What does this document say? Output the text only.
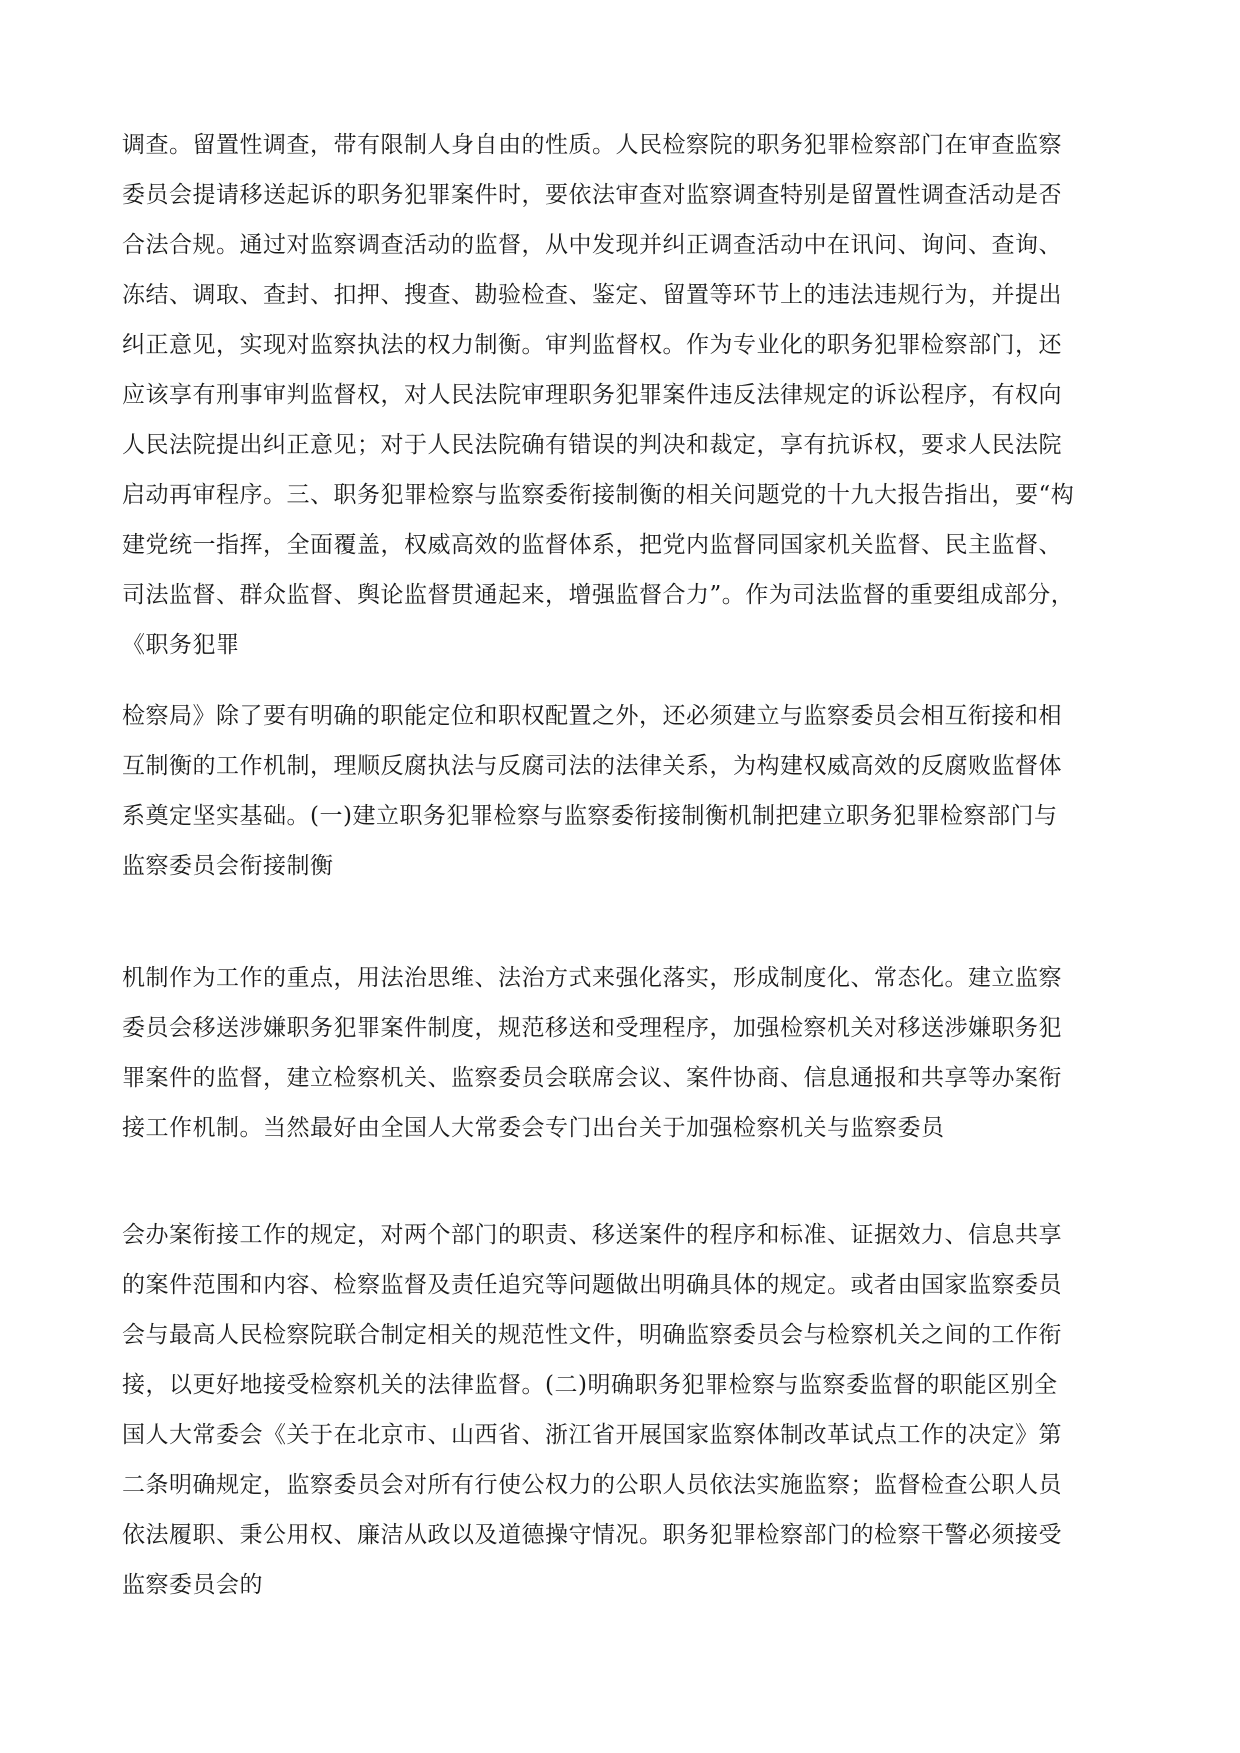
调查。留置性调查，带有限制人身自由的性质。人民检察院的职务犯罪检察部门在审查监察
委员会提请移送起诉的职务犯罪案件时，要依法审查对监察调查特别是留置性调查活动是否
合法合规。通过对监察调查活动的监督，从中发现并纠正调查活动中在讯问、询问、查询、
冻结、调取、查封、扣押、搜查、勘验检查、鉴定、留置等环节上的违法违规行为，并提出
纠正意见，实现对监察执法的权力制衡。审判监督权。作为专业化的职务犯罪检察部门，还
应该享有刑事审判监督权，对人民法院审理职务犯罪案件违反法律规定的诉讼程序，有权向
人民法院提出纠正意见；对于人民法院确有错误的判决和裁定，享有抗诉权，要求人民法院
启动再审程序。三、职务犯罪检察与监察委衔接制衡的相关问题党的十九大报告指出，要“构
建党统一指挥，全面覆盖，权威高效的监督体系，把党内监督同国家机关监督、民主监督、
司法监督、群众监督、舆论监督贯通起来，增强监督合力”。作为司法监督的重要组成部分，
《职务犯罪
检察局》除了要有明确的职能定位和职权配置之外，还必须建立与监察委员会相互衔接和相
互制衡的工作机制，理顺反腐执法与反腐司法的法律关系，为构建权威高效的反腐败监督体
系奠定坚实基础。(一)建立职务犯罪检察与监察委衔接制衡机制把建立职务犯罪检察部门与
监察委员会衔接制衡
机制作为工作的重点，用法治思维、法治方式来强化落实，形成制度化、常态化。建立监察
委员会移送涉嫌职务犯罪案件制度，规范移送和受理程序，加强检察机关对移送涉嫌职务犯
罪案件的监督，建立检察机关、监察委员会联席会议、案件协商、信息通报和共享等办案衔
接工作机制。当然最好由全国人大常委会专门出台关于加强检察机关与监察委员
会办案衔接工作的规定，对两个部门的职责、移送案件的程序和标准、证据效力、信息共享
的案件范围和内容、检察监督及责任追究等问题做出明确具体的规定。或者由国家监察委员
会与最高人民检察院联合制定相关的规范性文件，明确监察委员会与检察机关之间的工作衔
接，以更好地接受检察机关的法律监督。(二)明确职务犯罪检察与监察委监督的职能区别全
国人大常委会《关于在北京市、山西省、浙江省开展国家监察体制改革试点工作的决定》第
二条明确规定，监察委员会对所有行使公权力的公职人员依法实施监察；监督检查公职人员
依法履职、秉公用权、廉洁从政以及道德操守情况。职务犯罪检察部门的检察干警必须接受
监察委员会的
